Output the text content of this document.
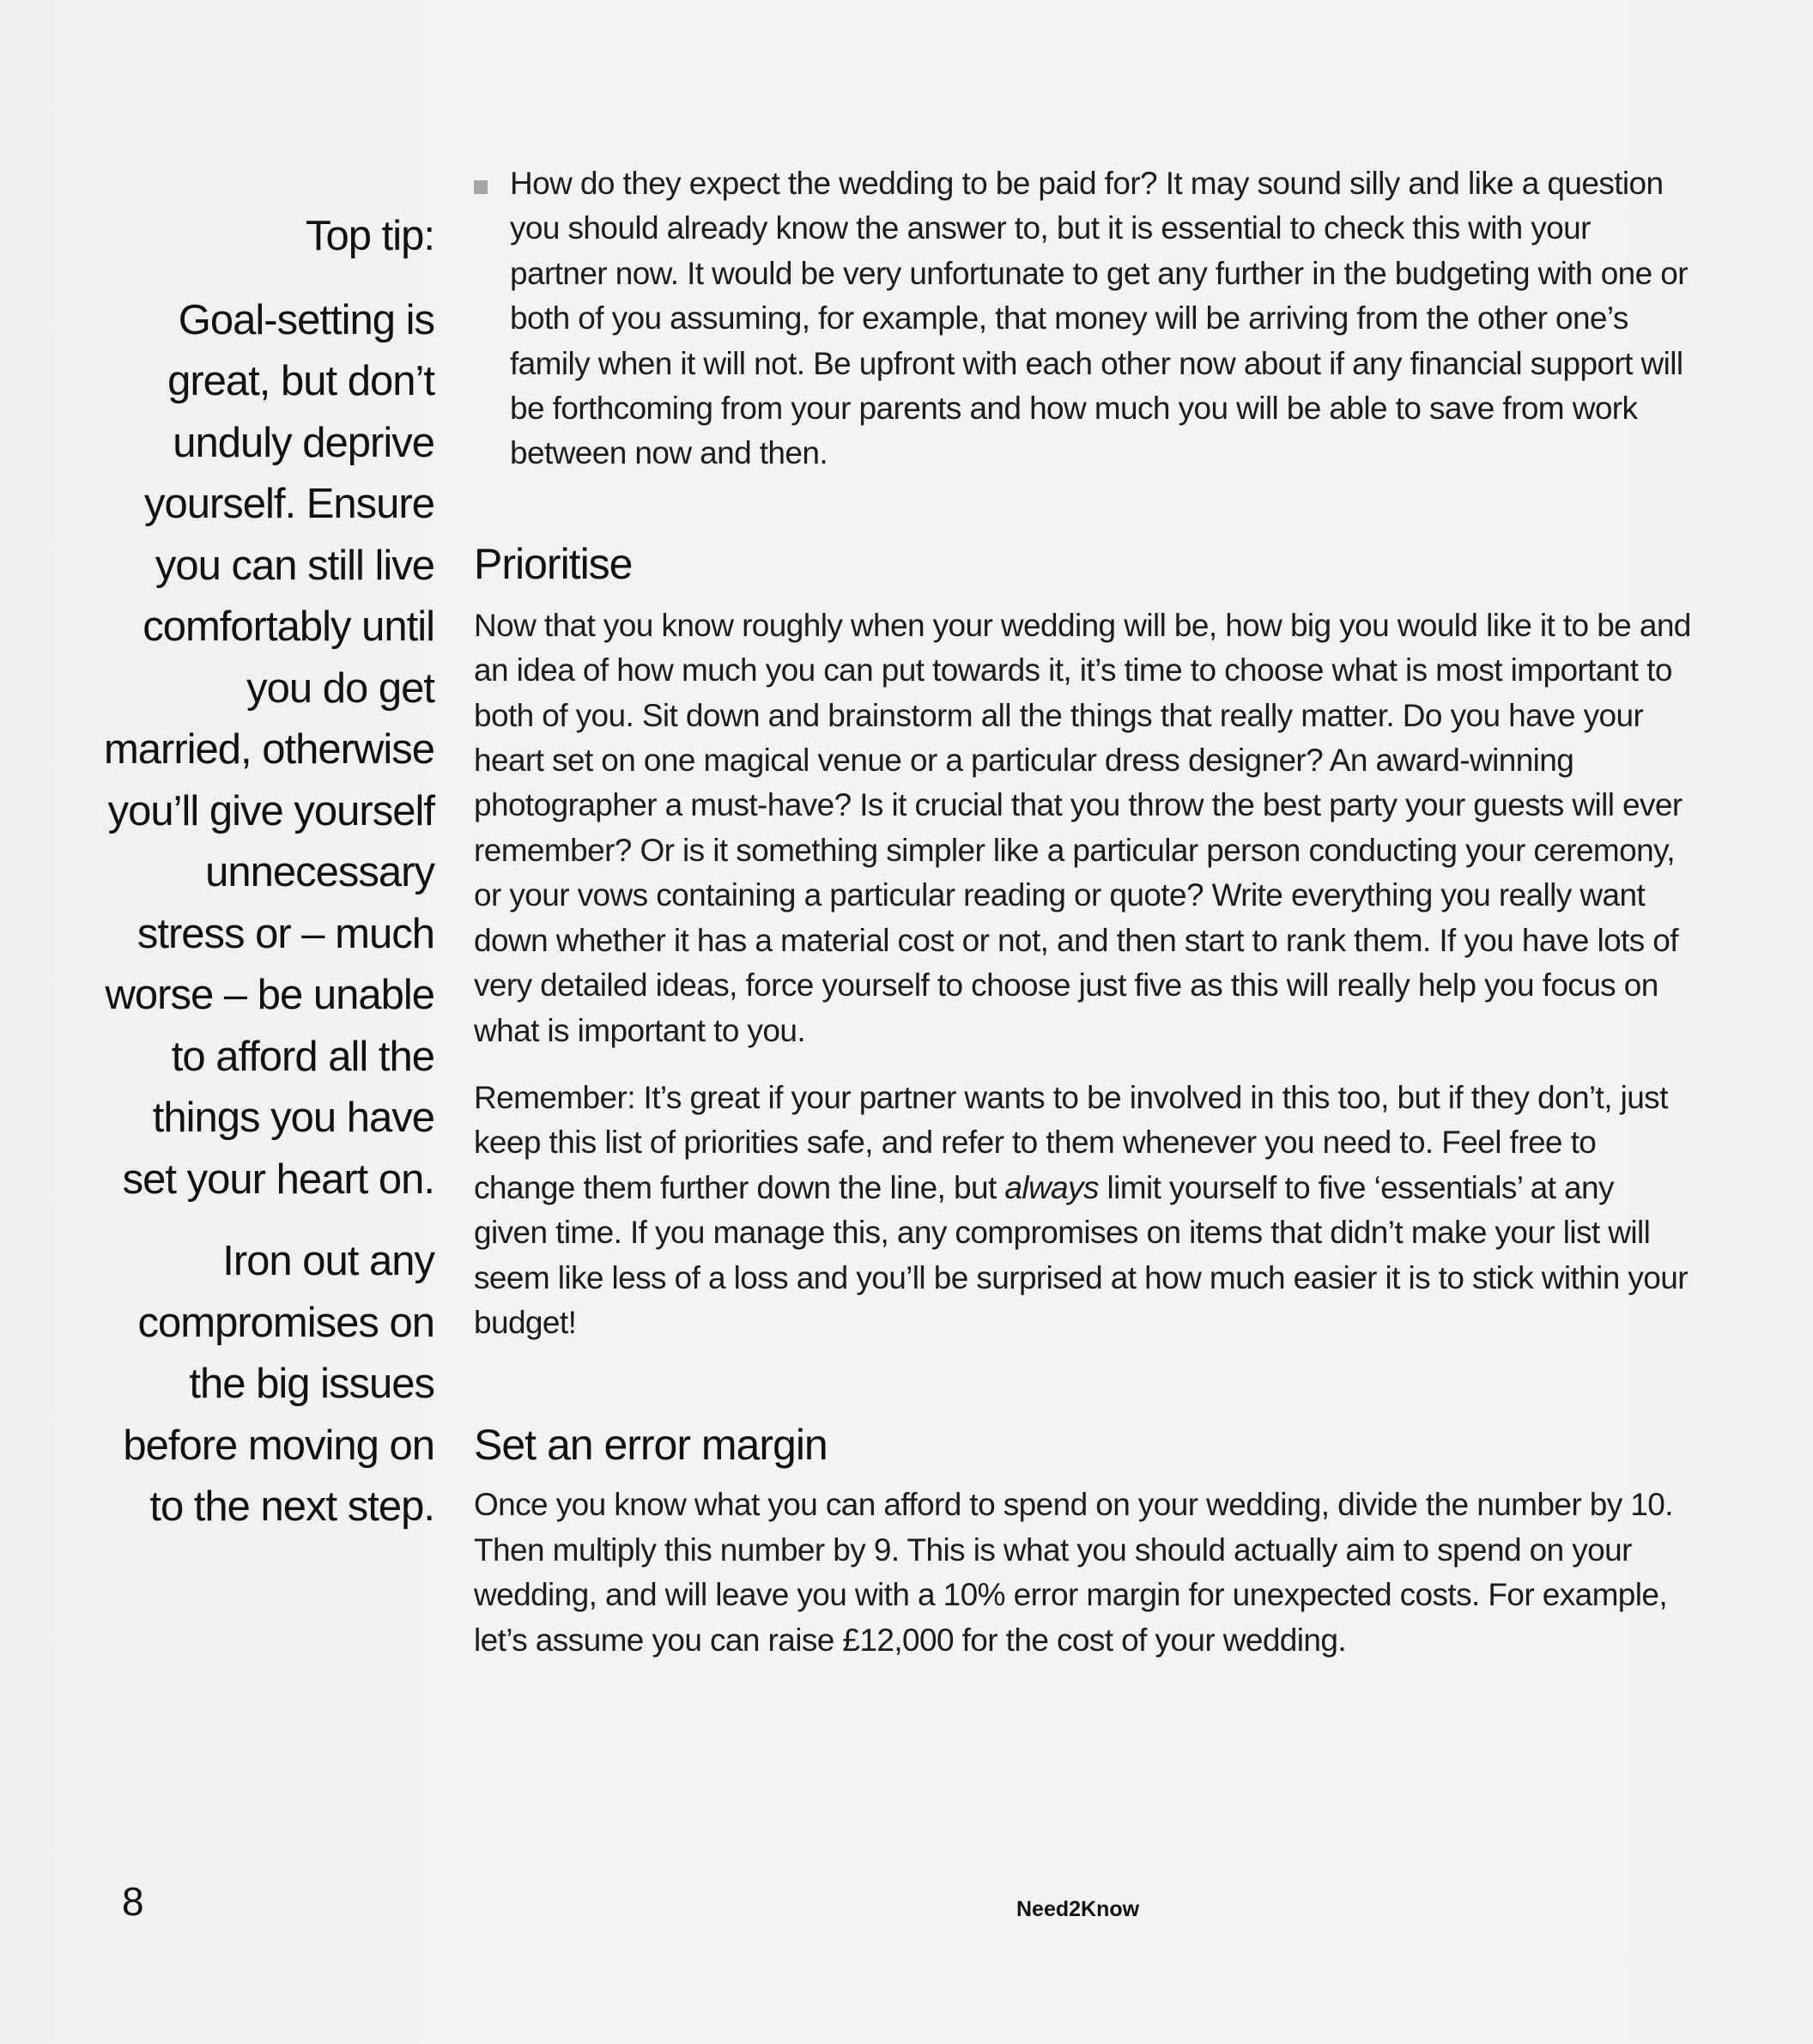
Top tip:
Goal-setting is great, but don’t unduly deprive yourself. Ensure you can still live comfortably until you do get married, otherwise you’ll give yourself unnecessary stress or – much worse – be unable to afford all the things you have set your heart on.
Iron out any compromises on the big issues before moving on to the next step.

How do they expect the wedding to be paid for? It may sound silly and like a question you should already know the answer to, but it is essential to check this with your partner now. It would be very unfortunate to get any further in the budgeting with one or both of you assuming, for example, that money will be arriving from the other one’s family when it will not. Be upfront with each other now about if any financial support will be forthcoming from your parents and how much you will be able to save from work between now and then.

Prioritise

Now that you know roughly when your wedding will be, how big you would like it to be and an idea of how much you can put towards it, it’s time to choose what is most important to both of you. Sit down and brainstorm all the things that really matter. Do you have your heart set on one magical venue or a particular dress designer? An award-winning photographer a must-have? Is it crucial that you throw the best party your guests will ever remember? Or is it something simpler like a particular person conducting your ceremony, or your vows containing a particular reading or quote? Write everything you really want down whether it has a material cost or not, and then start to rank them. If you have lots of very detailed ideas, force yourself to choose just five as this will really help you focus on what is important to you.

Remember: It’s great if your partner wants to be involved in this too, but if they don’t, just keep this list of priorities safe, and refer to them whenever you need to. Feel free to change them further down the line, but always limit yourself to five ‘essentials’ at any given time. If you manage this, any compromises on items that didn’t make your list will seem like less of a loss and you’ll be surprised at how much easier it is to stick within your budget!

Set an error margin

Once you know what you can afford to spend on your wedding, divide the number by 10. Then multiply this number by 9. This is what you should actually aim to spend on your wedding, and will leave you with a 10% error margin for unexpected costs. For example, let’s assume you can raise £12,000 for the cost of your wedding.

8	Need2Know
